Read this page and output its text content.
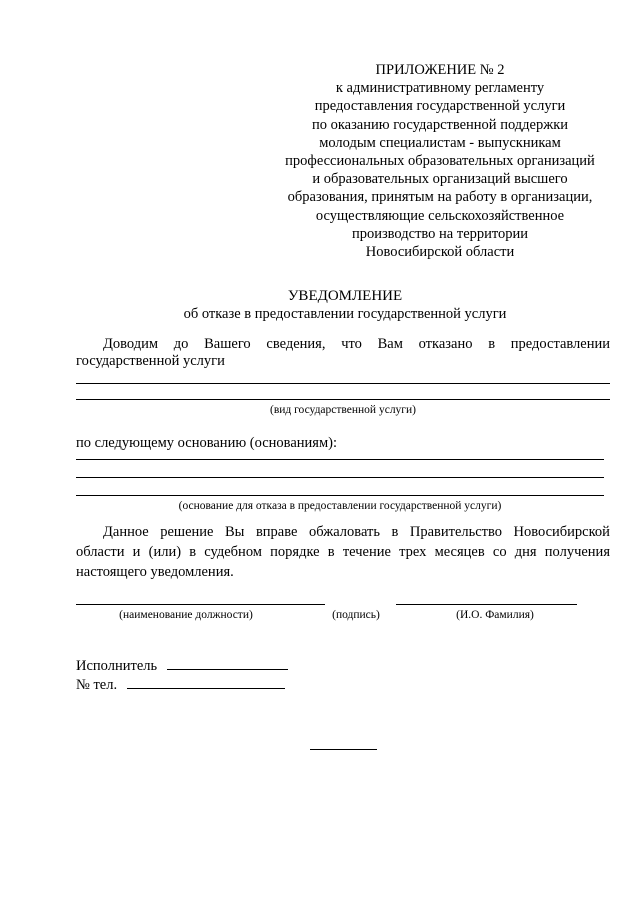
ПРИЛОЖЕНИЕ № 2
к административному регламенту
предоставления государственной услуги
по оказанию государственной поддержки
молодым специалистам - выпускникам
профессиональных образовательных организаций
и образовательных организаций высшего
образования, принятым на работу в организации,
осуществляющие сельскохозяйственное
производство на территории
Новосибирской области
УВЕДОМЛЕНИЕ
об отказе в предоставлении государственной услуги
Доводим до Вашего сведения, что Вам отказано в предоставлении
государственной услуги
(вид государственной услуги)
по следующему основанию (основаниям):
(основание для отказа в предоставлении государственной услуги)
Данное решение Вы вправе обжаловать в Правительство Новосибирской
области и (или) в судебном порядке в течение трех месяцев со дня получения
настоящего уведомления.
(наименование должности)	(подпись)	(И.О. Фамилия)
Исполнитель
№ тел.
